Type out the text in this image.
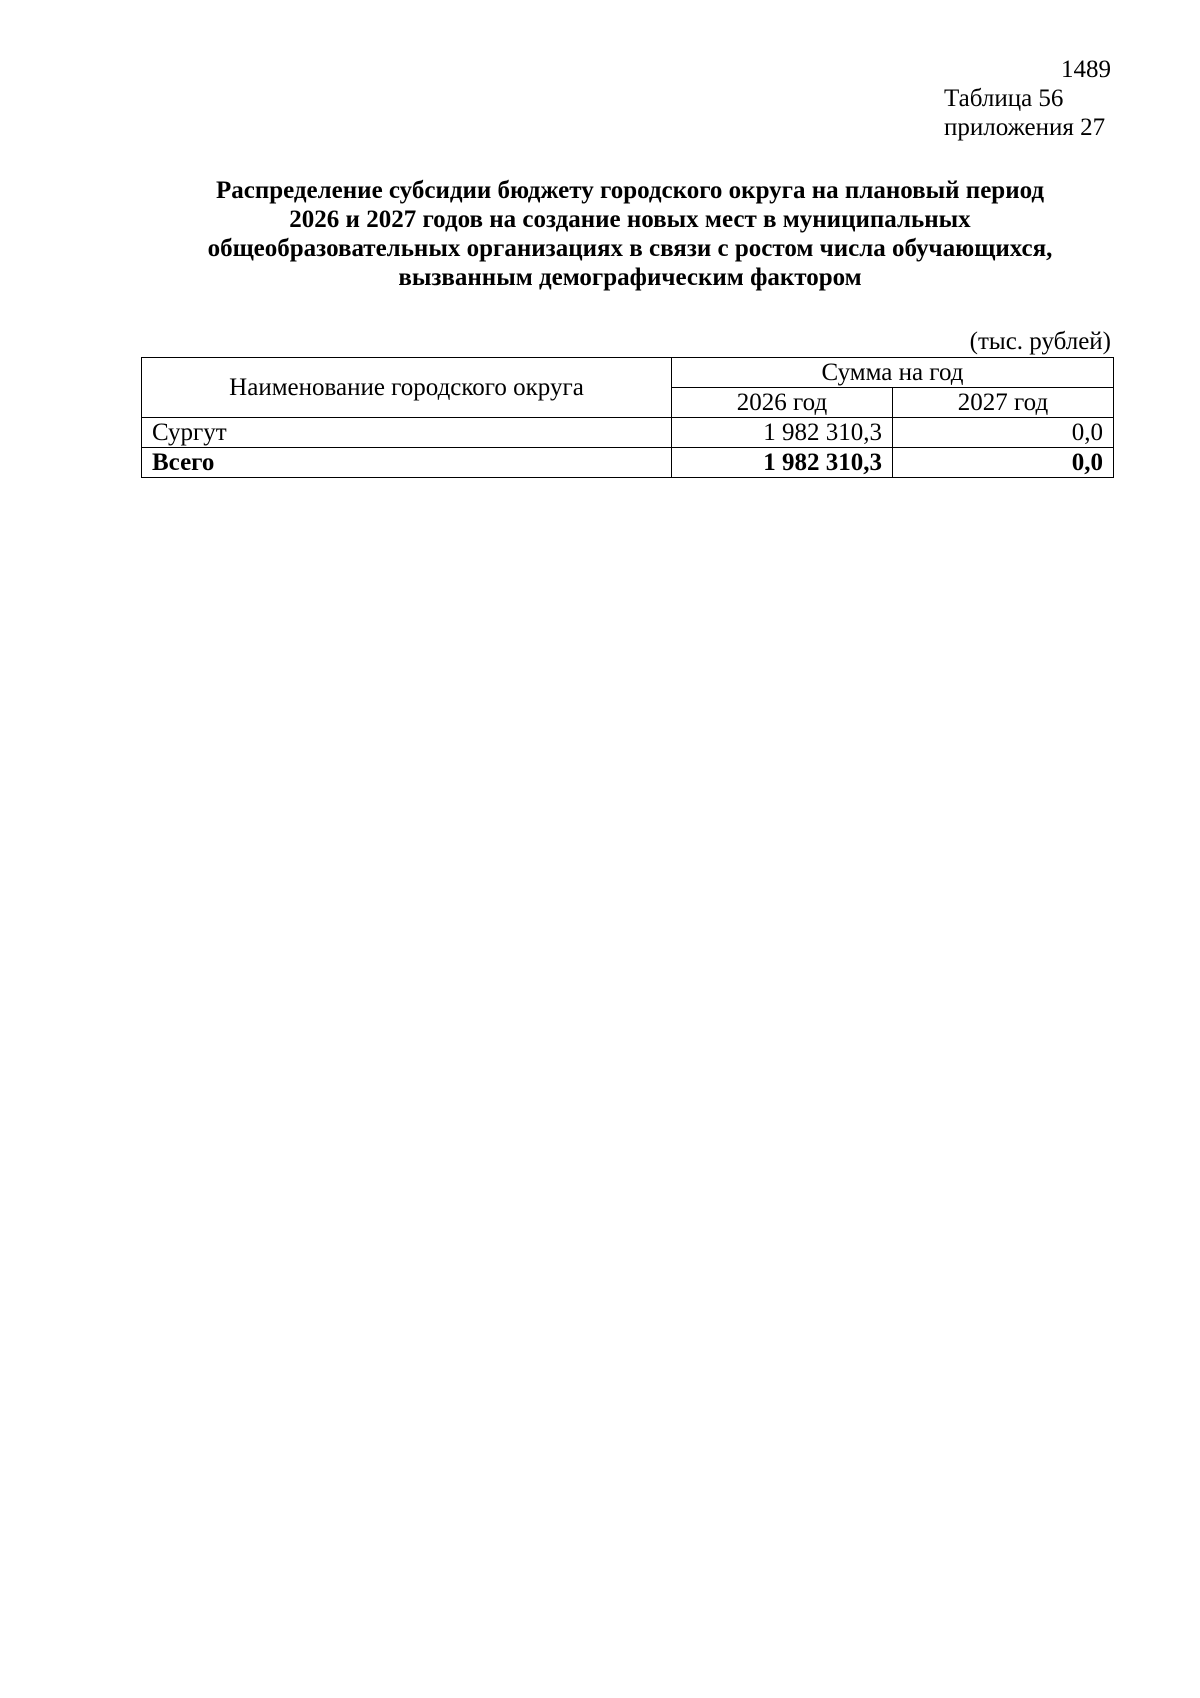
1489
Таблица 56
приложения 27
Распределение субсидии бюджету городского округа на плановый период
2026 и 2027 годов на создание новых мест в муниципальных
общеобразовательных организациях в связи с ростом числа обучающихся,
вызванным демографическим фактором
(тыс. рублей)
Наименование городского округа	Сумма на год	
	2026 год	2027 год
Сургут	1 982 310,3	0,0
Всего	1 982 310,3	0,0
